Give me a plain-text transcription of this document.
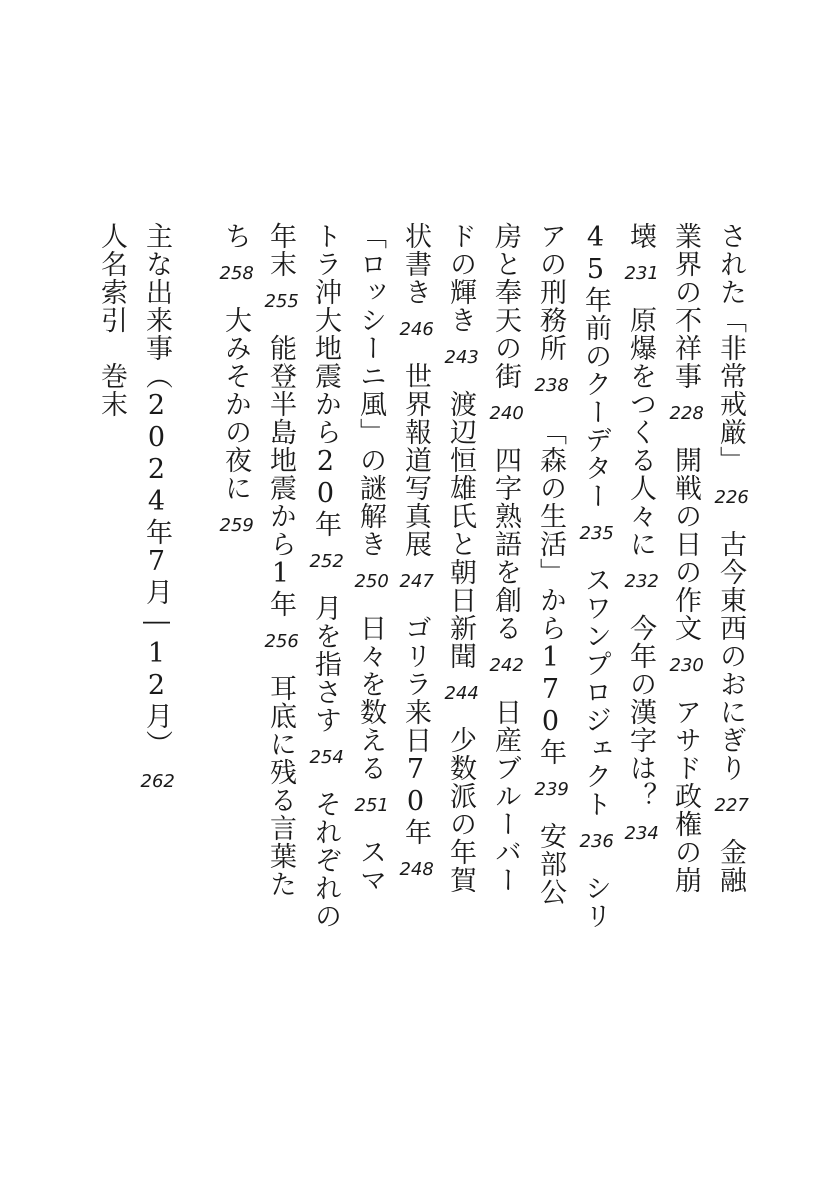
された「非常戒厳」226古今東西のおにぎり227金融
業界の不祥事228開戦の日の作文230アサド政権の崩
壊231原爆をつくる人々に232今年の漢字は？234
45年前のクーデター235スワンプロジェクト236シリ
アの刑務所238「森の生活」から170年239安部公
房と奉天の街240四字熟語を創る242日産ブルーバー
ドの輝き243渡辺恒雄氏と朝日新聞244少数派の年賀
状書き246世界報道写真展247ゴリラ来日70年248
「ロッシーニ風」の謎解き250日々を数える251スマ
トラ沖大地震から20年252月を指さす254それぞれの
年末255能登半島地震から1年256耳底に残る言葉た
ち258大みそかの夜に259
主な出来事（2024年7月―12月）262
人名索引　巻末
